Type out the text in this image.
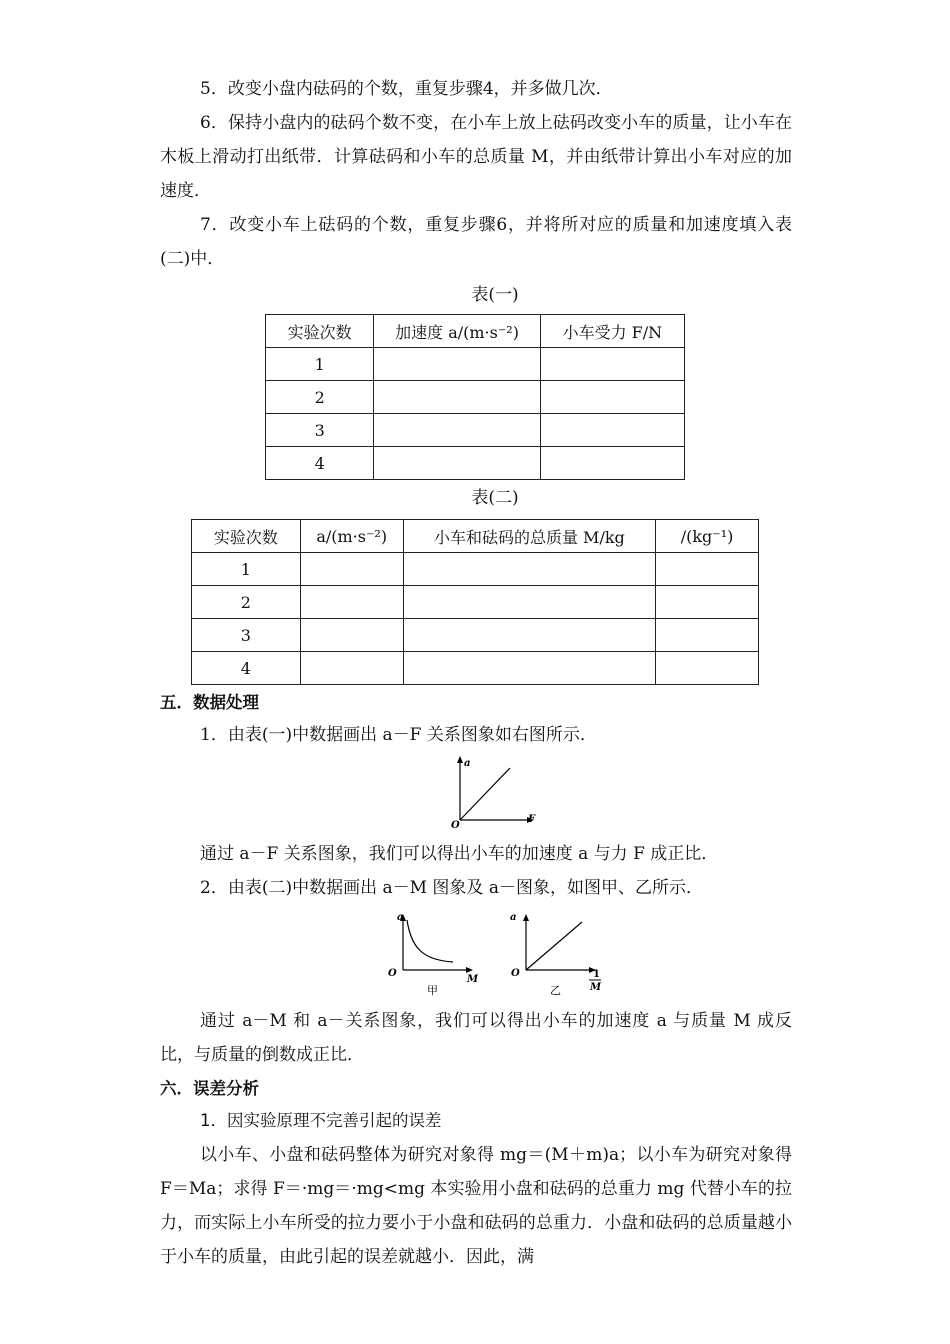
5．改变小盘内砝码的个数，重复步骤4，并多做几次．

6．保持小盘内的砝码个数不变，在小车上放上砝码改变小车的质量，让小车在木板上滑动打出纸带．计算砝码和小车的总质量 M，并由纸带计算出小车对应的加速度．

7．改变小车上砝码的个数，重复步骤6，并将所对应的质量和加速度填入表(二)中．

表(一)
实验次数	加速度 a/(m·s⁻²)	小车受力 F/N
1		
2		
3		
4		
表(二)
实验次数	a/(m·s⁻²)	小车和砝码的总质量 M/kg	/(kg⁻¹)
1			
2			
3			
4			
五．数据处理

1．由表(一)中数据画出 a－F 关系图象如右图所示．

a
F
O

通过 a－F 关系图象，我们可以得出小车的加速度 a 与力 F 成正比．

2．由表(二)中数据画出 a－M 图象及 a－图象，如图甲、乙所示．

a
M
O
甲
a
1
M
O
乙

通过 a－M 和 a－关系图象，我们可以得出小车的加速度 a 与质量 M 成反比，与质量的倒数成正比．

六．误差分析
1．因实验原理不完善引起的误差

以小车、小盘和砝码整体为研究对象得 mg＝(M＋m)a；以小车为研究对象得 F＝Ma；求得 F＝·mg＝·mg<mg 本实验用小盘和砝码的总重力 mg 代替小车的拉力，而实际上小车所受的拉力要小于小盘和砝码的总重力．小盘和砝码的总质量越小于小车的质量，由此引起的误差就越小．因此，满
